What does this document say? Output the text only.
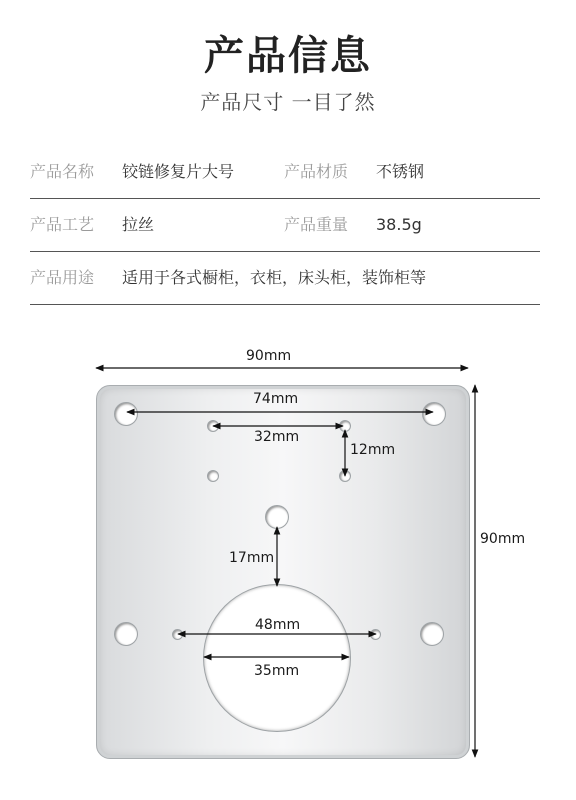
产品信息
产品尺寸 一目了然
产品名称 铰链修复片大号	产品材质 不锈钢
产品工艺 拉丝	产品重量 38.5g
产品用途 适用于各式橱柜，衣柜，床头柜，装饰柜等
90mm
90mm
74mm
32mm
12mm
17mm
48mm
35mm
